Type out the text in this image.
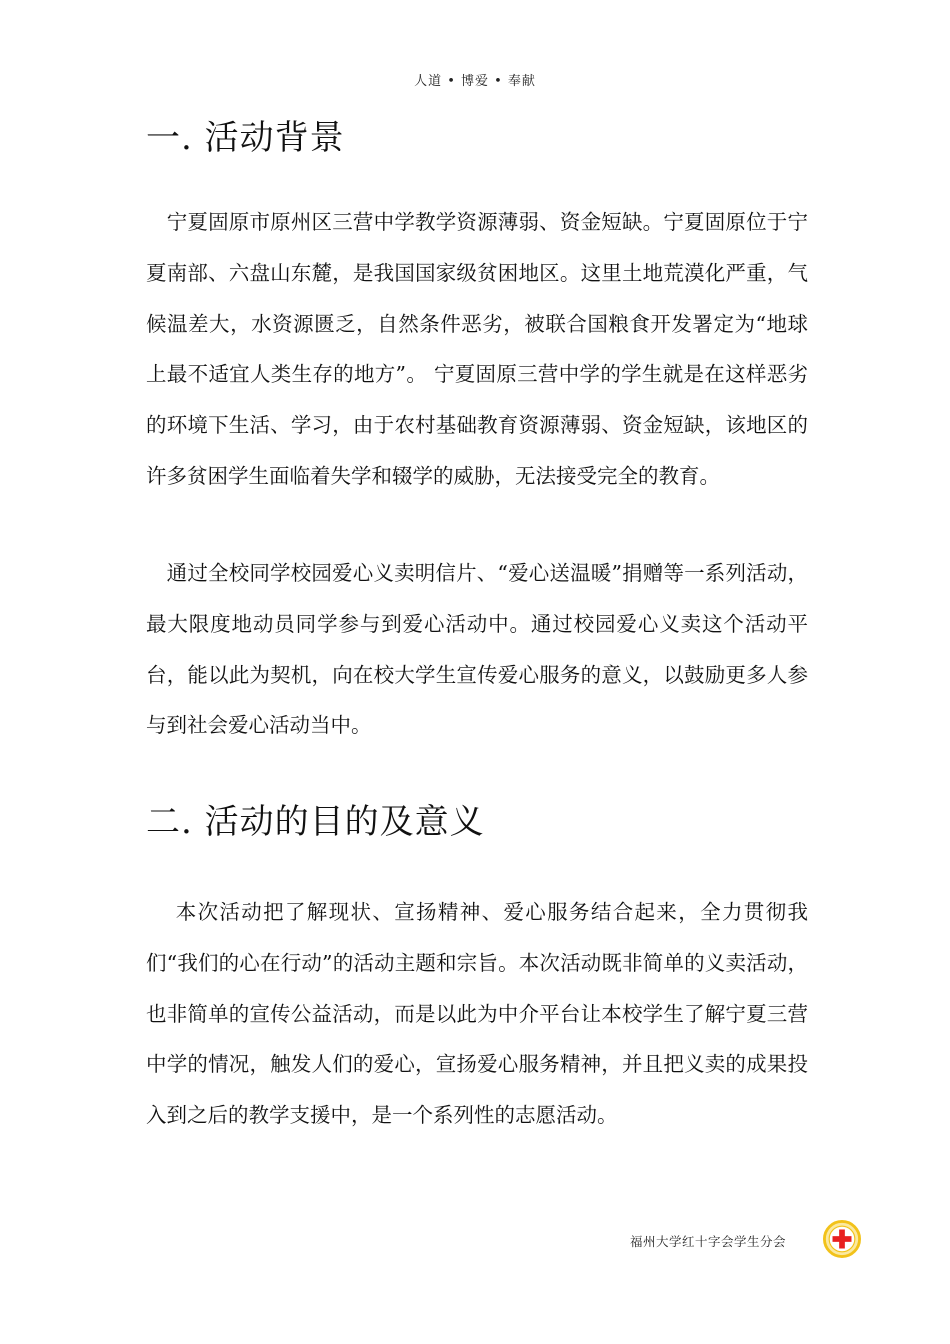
人道 • 博爱 • 奉献
一. 活动背景

　宁夏固原市原州区三营中学教学资源薄弱、资金短缺。宁夏固原位于宁夏南部、六盘山东麓，是我国国家级贫困地区。这里土地荒漠化严重，气候温差大，水资源匮乏，自然条件恶劣，被联合国粮食开发署定为“地球上最不适宜人类生存的地方”。 宁夏固原三营中学的学生就是在这样恶劣的环境下生活、学习，由于农村基础教育资源薄弱、资金短缺，该地区的许多贫困学生面临着失学和辍学的威胁，无法接受完全的教育。

　通过全校同学校园爱心义卖明信片、“爱心送温暖”捐赠等一系列活动，最大限度地动员同学参与到爱心活动中。通过校园爱心义卖这个活动平台，能以此为契机，向在校大学生宣传爱心服务的意义，以鼓励更多人参与到社会爱心活动当中。

二. 活动的目的及意义

　 本次活动把了解现状、宣扬精神、爱心服务结合起来，全力贯彻我们“我们的心在行动”的活动主题和宗旨。本次活动既非简单的义卖活动，也非简单的宣传公益活动，而是以此为中介平台让本校学生了解宁夏三营中学的情况，触发人们的爱心，宣扬爱心服务精神，并且把义卖的成果投入到之后的教学支援中，是一个系列性的志愿活动。

福州大学红十字会学生分会
